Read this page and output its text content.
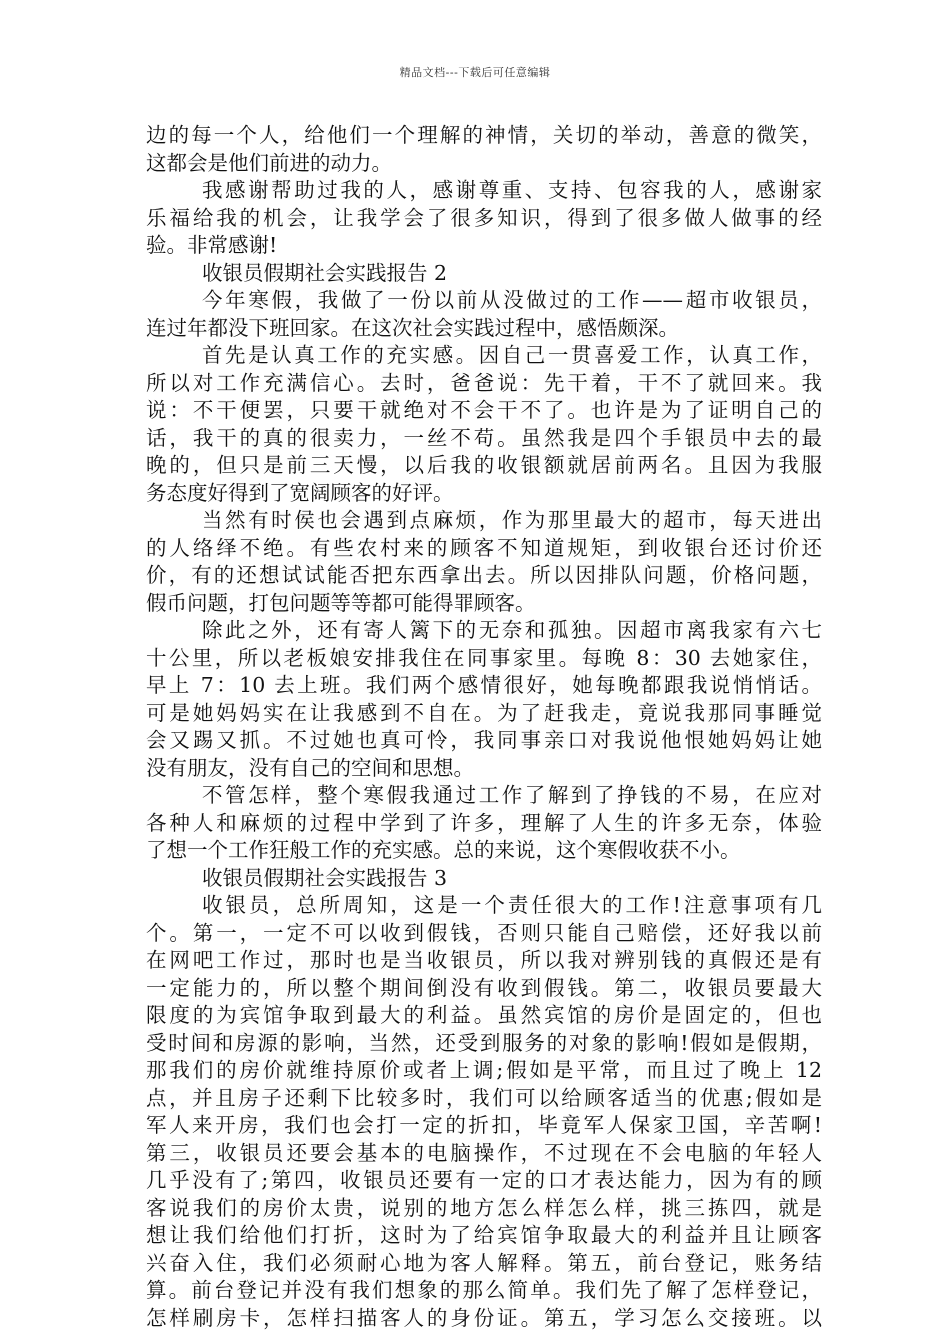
精品文档---下载后可任意编辑
边的每一个人，给他们一个理解的神情，关切的举动，善意的微笑，
这都会是他们前进的动力。
我感谢帮助过我的人，感谢尊重、支持、包容我的人，感谢家
乐福给我的机会，让我学会了很多知识，得到了很多做人做事的经
验。非常感谢!
收银员假期社会实践报告 2
今年寒假，我做了一份以前从没做过的工作——超市收银员，
连过年都没下班回家。在这次社会实践过程中，感悟颇深。
首先是认真工作的充实感。因自己一贯喜爱工作，认真工作，
所以对工作充满信心。去时，爸爸说：先干着，干不了就回来。我
说：不干便罢，只要干就绝对不会干不了。也许是为了证明自己的
话，我干的真的很卖力，一丝不苟。虽然我是四个手银员中去的最
晚的，但只是前三天慢，以后我的收银额就居前两名。且因为我服
务态度好得到了宽阔顾客的好评。
当然有时侯也会遇到点麻烦，作为那里最大的超市，每天进出
的人络绎不绝。有些农村来的顾客不知道规矩，到收银台还讨价还
价，有的还想试试能否把东西拿出去。所以因排队问题，价格问题，
假币问题，打包问题等等都可能得罪顾客。
除此之外，还有寄人篱下的无奈和孤独。因超市离我家有六七
十公里，所以老板娘安排我住在同事家里。每晚 8：30 去她家住，
早上 7：10 去上班。我们两个感情很好，她每晚都跟我说悄悄话。
可是她妈妈实在让我感到不自在。为了赶我走，竟说我那同事睡觉
会又踢又抓。不过她也真可怜，我同事亲口对我说他恨她妈妈让她
没有朋友，没有自己的空间和思想。
不管怎样，整个寒假我通过工作了解到了挣钱的不易，在应对
各种人和麻烦的过程中学到了许多，理解了人生的许多无奈，体验
了想一个工作狂般工作的充实感。总的来说，这个寒假收获不小。
收银员假期社会实践报告 3
收银员，总所周知，这是一个责任很大的工作!注意事项有几
个。第一，一定不可以收到假钱，否则只能自己赔偿，还好我以前
在网吧工作过，那时也是当收银员，所以我对辨别钱的真假还是有
一定能力的，所以整个期间倒没有收到假钱。第二，收银员要最大
限度的为宾馆争取到最大的利益。虽然宾馆的房价是固定的，但也
受时间和房源的影响，当然，还受到服务的对象的影响!假如是假期，
那我们的房价就维持原价或者上调;假如是平常，而且过了晚上 12
点，并且房子还剩下比较多时，我们可以给顾客适当的优惠;假如是
军人来开房，我们也会打一定的折扣，毕竟军人保家卫国，辛苦啊!
第三，收银员还要会基本的电脑操作，不过现在不会电脑的年轻人
几乎没有了;第四，收银员还要有一定的口才表达能力，因为有的顾
客说我们的房价太贵，说别的地方怎么样怎么样，挑三拣四，就是
想让我们给他们打折，这时为了给宾馆争取最大的利益并且让顾客
兴奋入住，我们必须耐心地为客人解释。第五，前台登记，账务结
算。前台登记并没有我们想象的那么简单。我们先了解了怎样登记，
怎样刷房卡，怎样扫描客人的身份证。第五，学习怎么交接班。以
